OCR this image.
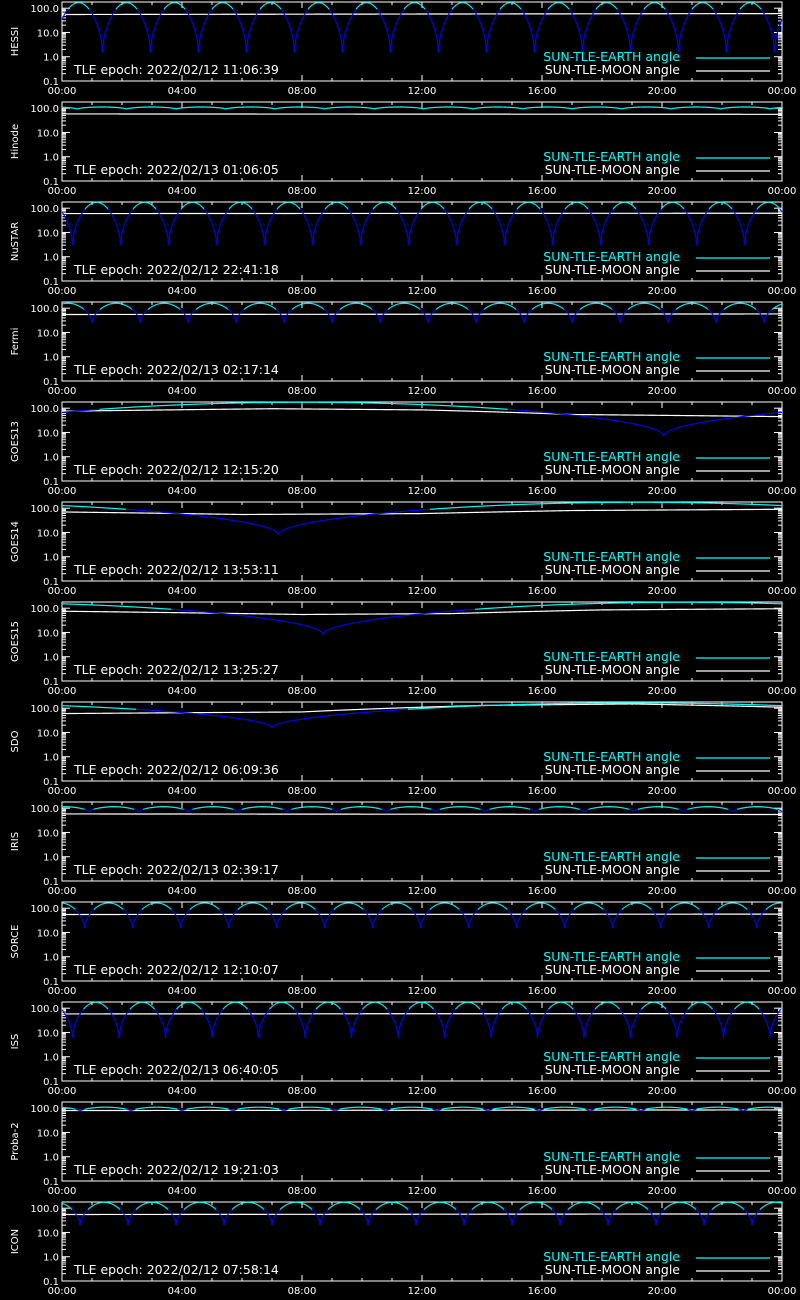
100.0
10.0
1.0
0.1
00:00	04:00	08:00	12:00	16:00	20:00	00:00
HESSI
TLE epoch: 2022/02/12 11:06:39
SUN-TLE-EARTH angle
SUN-TLE-MOON angle
100.0
10.0
1.0
0.1
00:00	04:00	08:00	12:00	16:00	20:00	00:00
Hinode
TLE epoch: 2022/02/13 01:06:05
SUN-TLE-EARTH angle
SUN-TLE-MOON angle
100.0
10.0
1.0
0.1
00:00	04:00	08:00	12:00	16:00	20:00	00:00
NuSTAR
TLE epoch: 2022/02/12 22:41:18
SUN-TLE-EARTH angle
SUN-TLE-MOON angle
100.0
10.0
1.0
0.1
00:00	04:00	08:00	12:00	16:00	20:00	00:00
Fermi
TLE epoch: 2022/02/13 02:17:14
SUN-TLE-EARTH angle
SUN-TLE-MOON angle
100.0
10.0
1.0
0.1
00:00	04:00	08:00	12:00	16:00	20:00	00:00
GOES13
TLE epoch: 2022/02/12 12:15:20
SUN-TLE-EARTH angle
SUN-TLE-MOON angle
100.0
10.0
1.0
0.1
00:00	04:00	08:00	12:00	16:00	20:00	00:00
GOES14
TLE epoch: 2022/02/12 13:53:11
SUN-TLE-EARTH angle
SUN-TLE-MOON angle
100.0
10.0
1.0
0.1
00:00	04:00	08:00	12:00	16:00	20:00	00:00
GOES15
TLE epoch: 2022/02/12 13:25:27
SUN-TLE-EARTH angle
SUN-TLE-MOON angle
100.0
10.0
1.0
0.1
00:00	04:00	08:00	12:00	16:00	20:00	00:00
SDO
TLE epoch: 2022/02/12 06:09:36
SUN-TLE-EARTH angle
SUN-TLE-MOON angle
100.0
10.0
1.0
0.1
00:00	04:00	08:00	12:00	16:00	20:00	00:00
IRIS
TLE epoch: 2022/02/13 02:39:17
SUN-TLE-EARTH angle
SUN-TLE-MOON angle
100.0
10.0
1.0
0.1
00:00	04:00	08:00	12:00	16:00	20:00	00:00
SORCE
TLE epoch: 2022/02/12 12:10:07
SUN-TLE-EARTH angle
SUN-TLE-MOON angle
100.0
10.0
1.0
0.1
00:00	04:00	08:00	12:00	16:00	20:00	00:00
ISS
TLE epoch: 2022/02/13 06:40:05
SUN-TLE-EARTH angle
SUN-TLE-MOON angle
100.0
10.0
1.0
0.1
00:00	04:00	08:00	12:00	16:00	20:00	00:00
Proba-2
TLE epoch: 2022/02/12 19:21:03
SUN-TLE-EARTH angle
SUN-TLE-MOON angle
100.0
10.0
1.0
0.1
00:00	04:00	08:00	12:00	16:00	20:00	00:00
ICON
TLE epoch: 2022/02/12 07:58:14
SUN-TLE-EARTH angle
SUN-TLE-MOON angle
